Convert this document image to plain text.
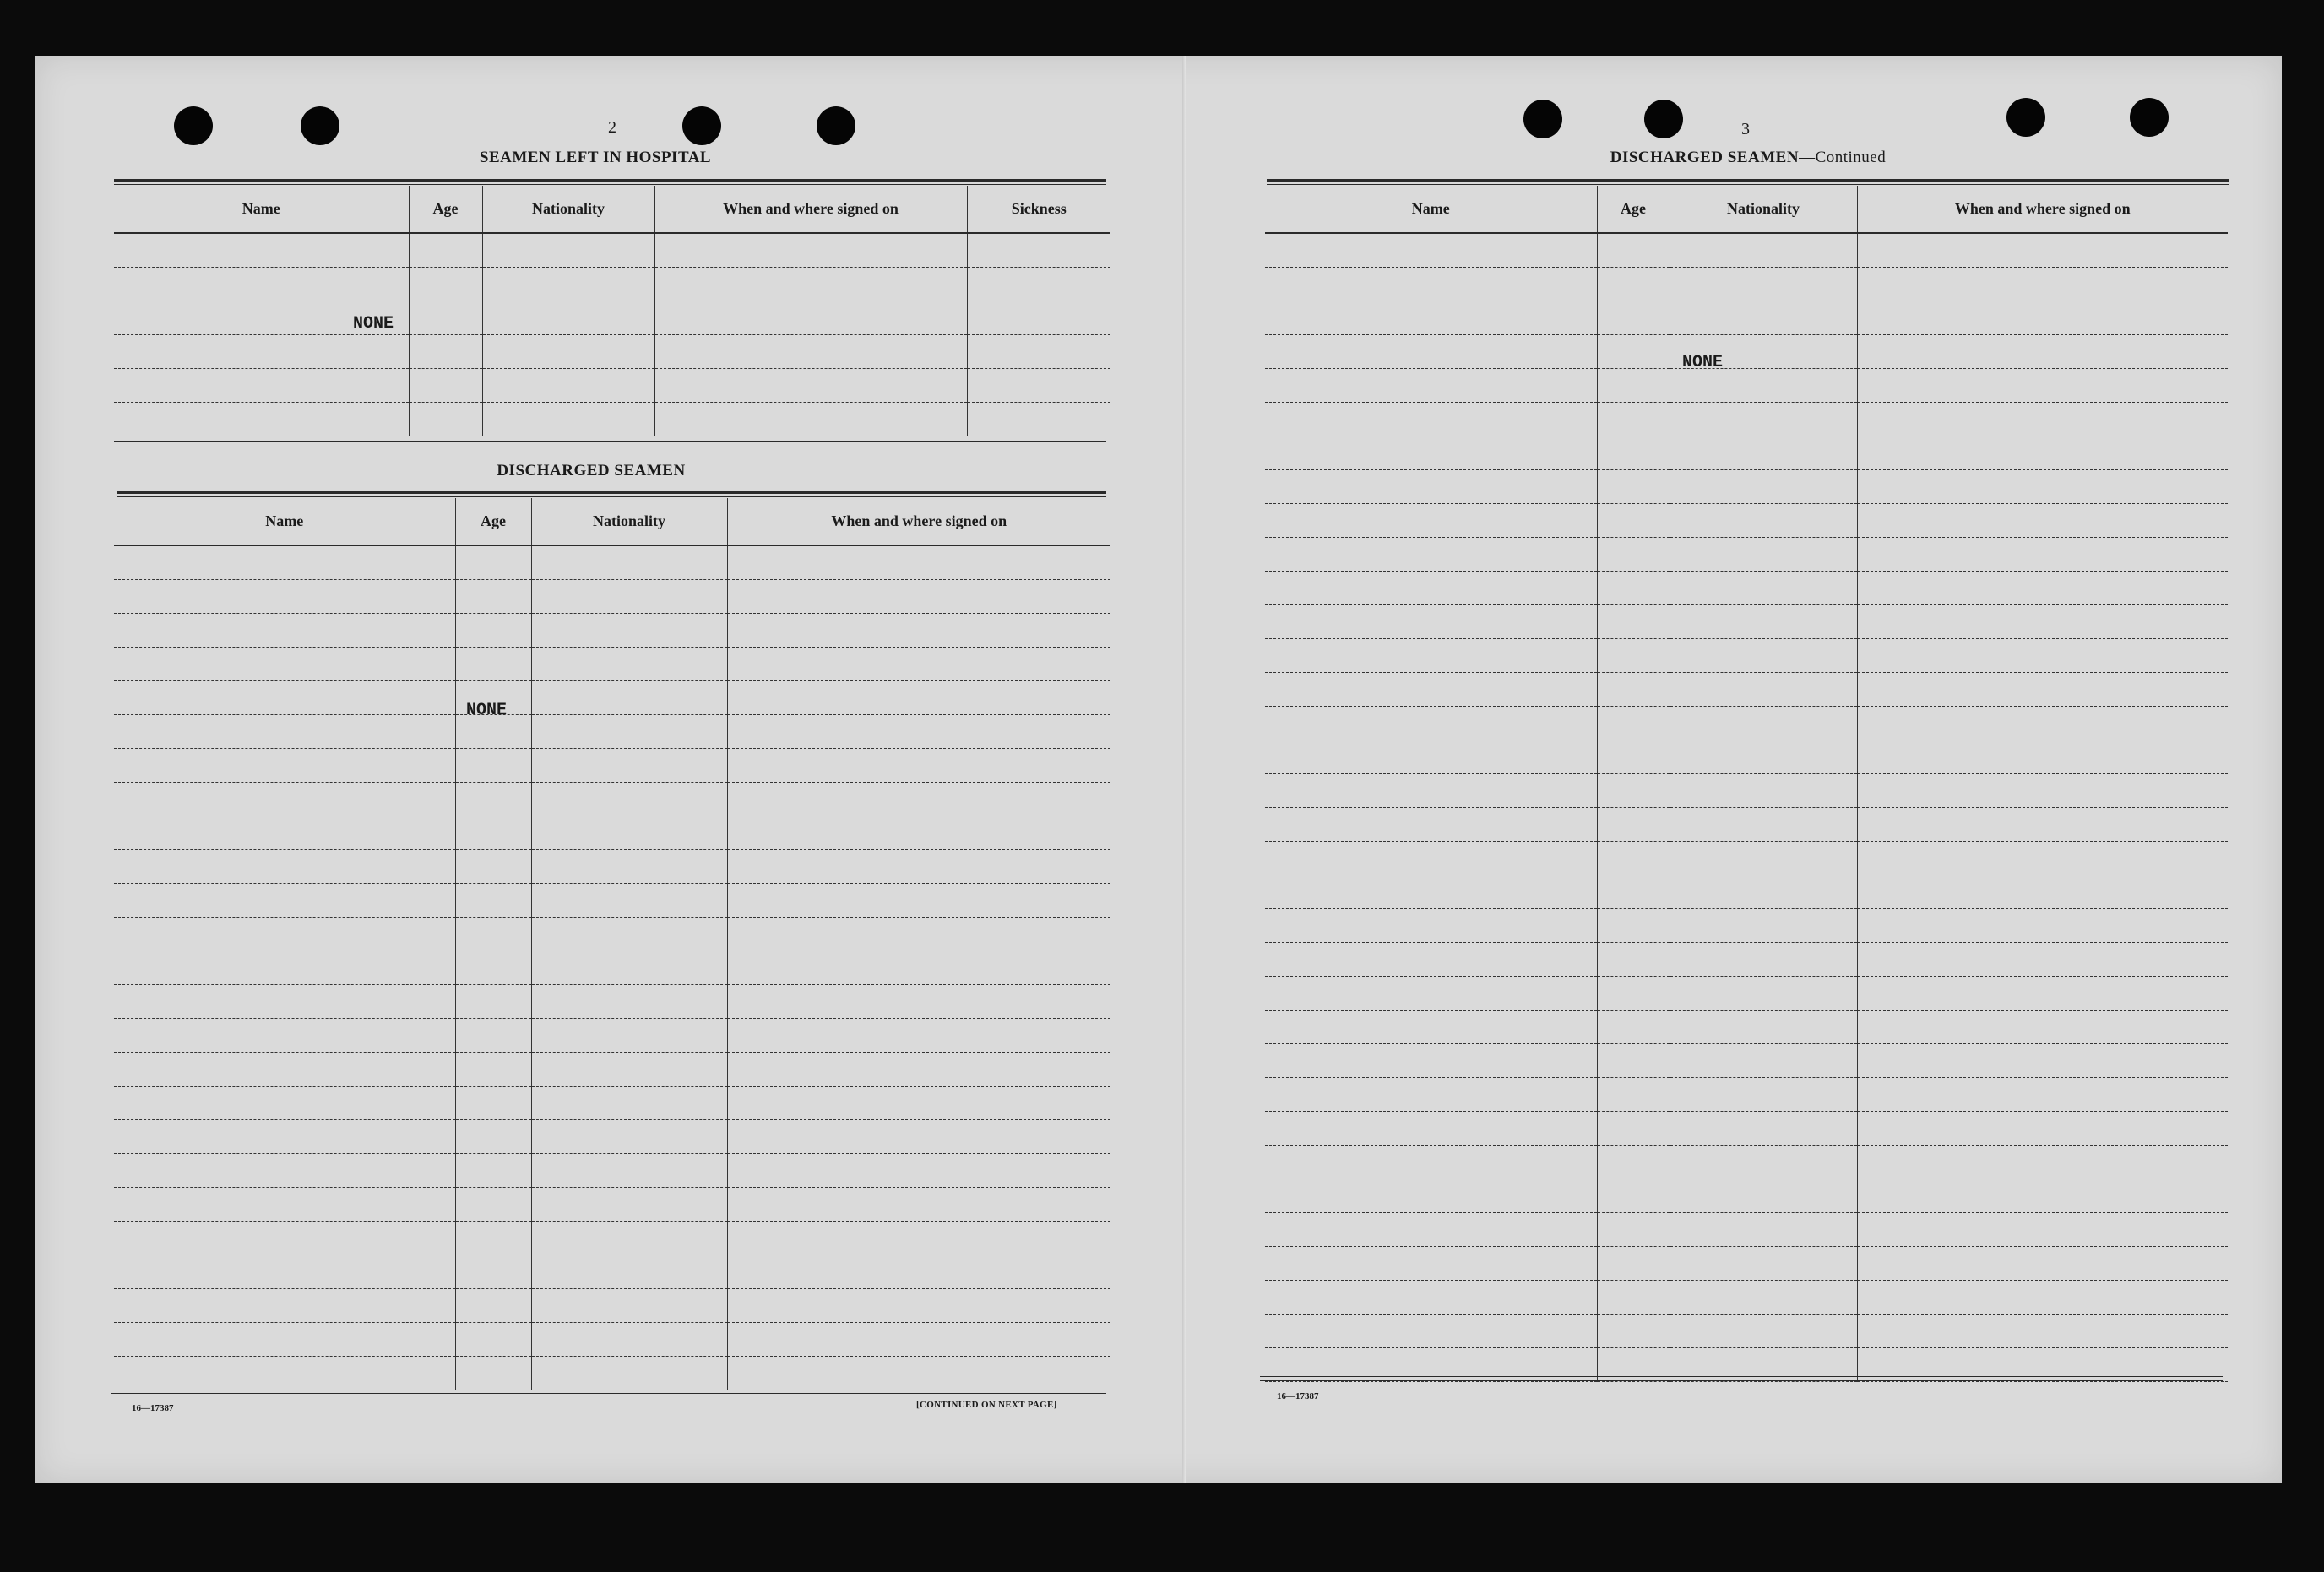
2
SEAMEN LEFT IN HOSPITAL
Name	Age	Nationality	When and where signed on	Sickness

NONE
DISCHARGED SEAMEN
Name	Age	Nationality	When and where signed on

NONE
16—17387	[CONTINUED ON NEXT PAGE]
3
DISCHARGED SEAMEN—Continued
Name	Age	Nationality	When and where signed on

NONE
16—17387
